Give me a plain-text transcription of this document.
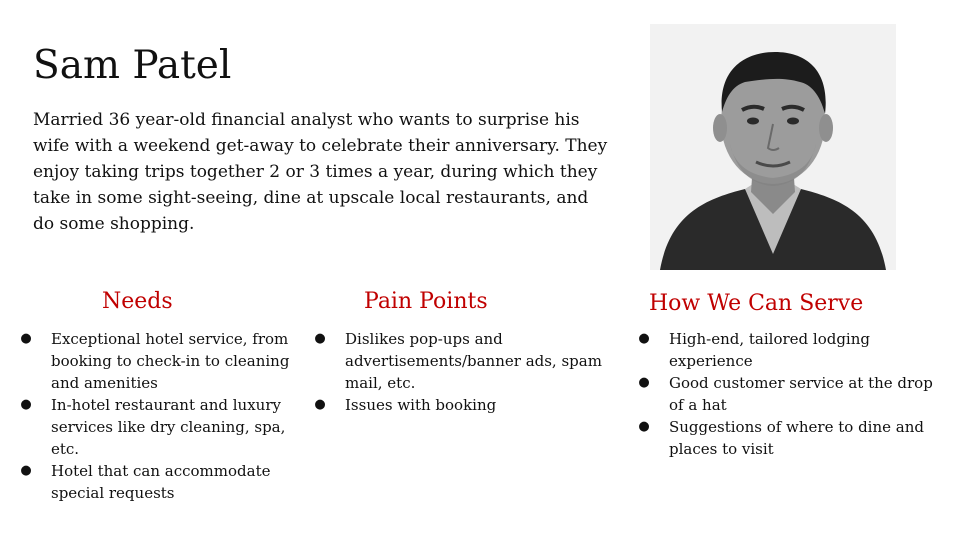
Sam Patel

Married 36 year-old financial analyst who wants to surprise his wife with a weekend get-away to celebrate their anniversary. They enjoy taking trips together 2 or 3 times a year, during which they take in some sight-seeing, dine at upscale local restaurants, and do some shopping.

Needs	Pain Points	How We Can Serve
● Exceptional hotel service, from booking to check-in to cleaning and amenities
● In-hotel restaurant and luxury services like dry cleaning, spa, etc.
● Hotel that can accommodate special requests
● Dislikes pop-ups and advertisements/banner ads, spam mail, etc.
● Issues with booking
● High-end, tailored lodging experience
● Good customer service at the drop of a hat
● Suggestions of where to dine and places to visit
